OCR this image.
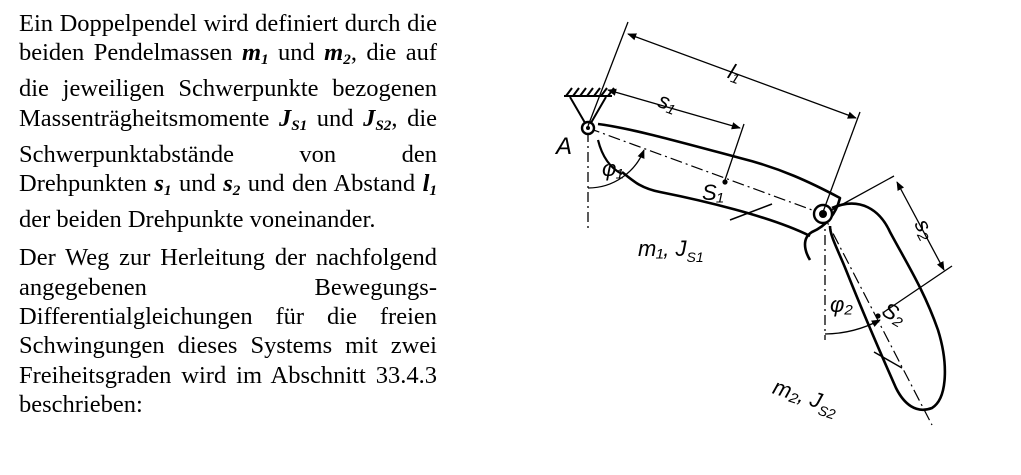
Ein Doppelpendel wird definiert durch die beiden Pendelmassen $m_1$ und $m_2$, die auf die jeweiligen Schwerpunkte bezogenen Massenträgheitsmomente $J_{S1}$ und $J_{S2}$, die Schwerpunktabstände von den Drehpunkten $s_1$ und $s_2$ und den Abstand $l_1$ der beiden Drehpunkte voneinander.

Der Weg zur Herleitung der nachfolgend angegebenen Bewegungs-Differentialgleichungen für die freien Schwingungen dieses Systems mit zwei Freiheitsgraden wird im Abschnitt 33.4.3 beschrieben:

A
l₁
s₁
φ₁
S₁
m₁, $J_{S1}$
s₂
φ₂ S₂
m₂, $J_{S2}$
